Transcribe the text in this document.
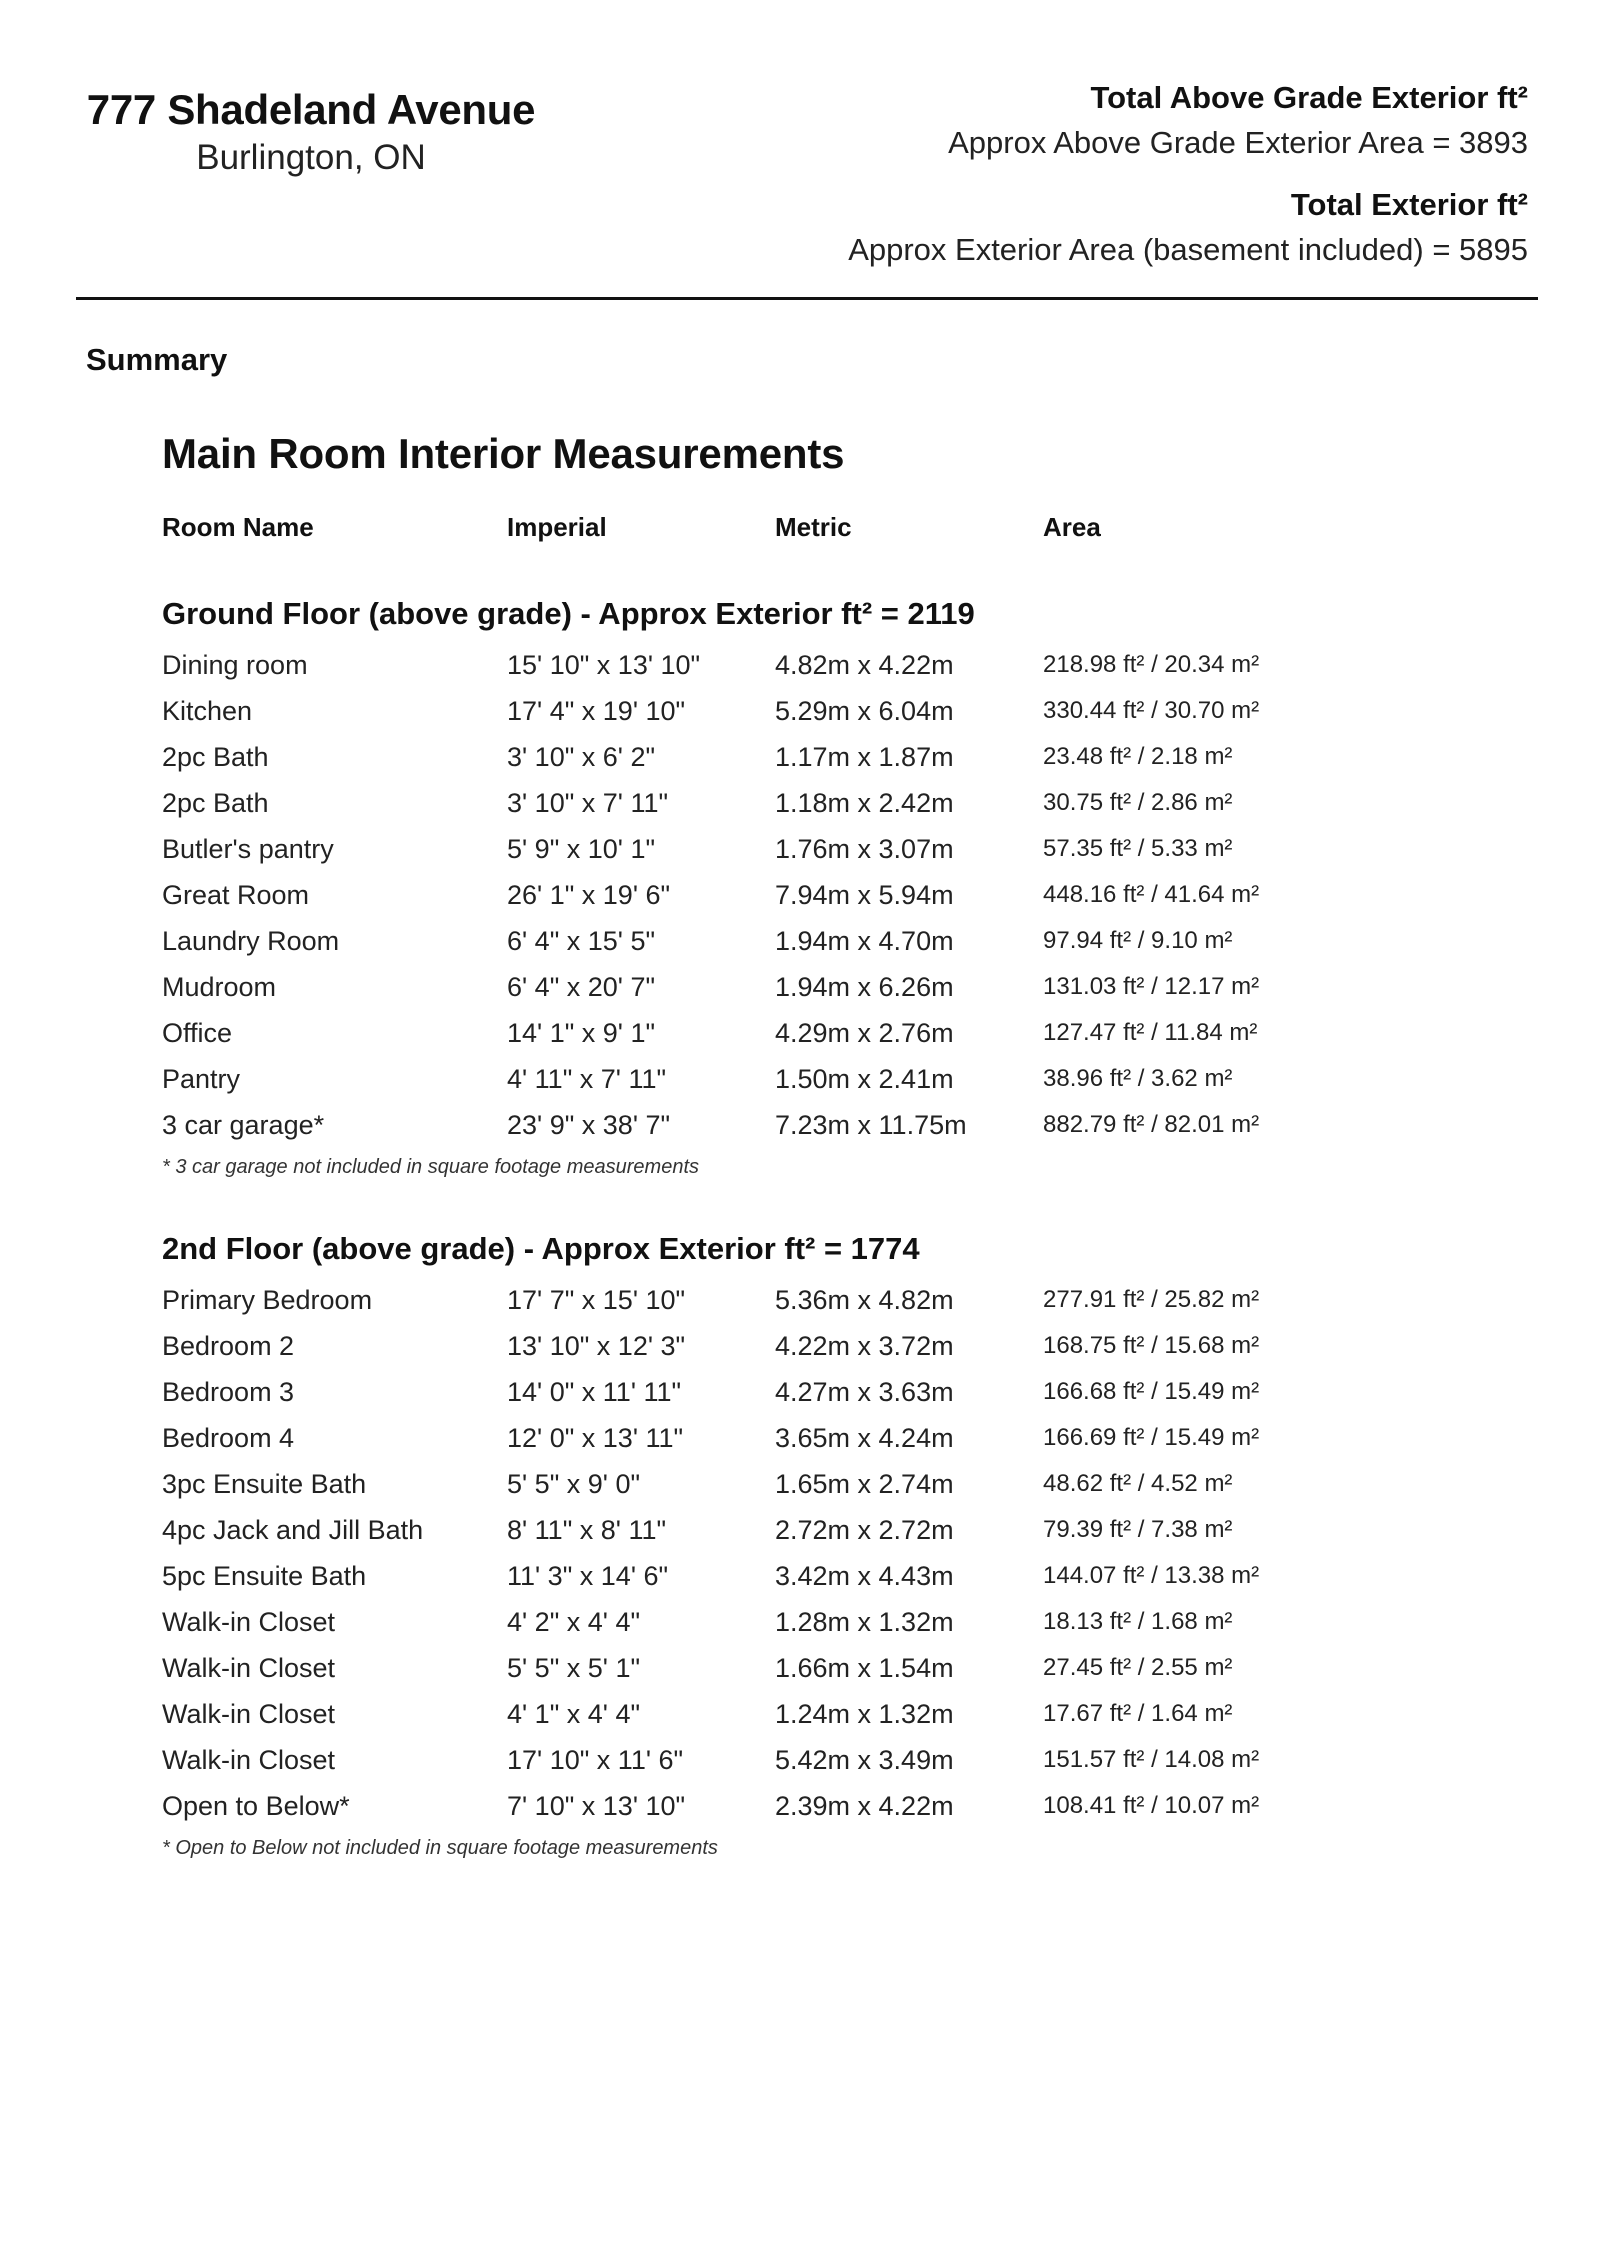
777 Shadeland Avenue
Burlington, ON
Total Above Grade Exterior ft²
Approx Above Grade Exterior Area = 3893
Total Exterior ft²
Approx Exterior Area (basement included) = 5895
Summary
Main Room Interior Measurements
Room Name	Imperial	Metric	Area
Ground Floor (above grade) - Approx Exterior ft² = 2119
Dining room	15' 10" x 13' 10"	4.82m x 4.22m	218.98 ft² / 20.34 m²
Kitchen	17' 4" x 19' 10"	5.29m x 6.04m	330.44 ft² / 30.70 m²
2pc Bath	3' 10" x 6' 2"	1.17m x 1.87m	23.48 ft² / 2.18 m²
2pc Bath	3' 10" x 7' 11"	1.18m x 2.42m	30.75 ft² / 2.86 m²
Butler's pantry	5' 9" x 10' 1"	1.76m x 3.07m	57.35 ft² / 5.33 m²
Great Room	26' 1" x 19' 6"	7.94m x 5.94m	448.16 ft² / 41.64 m²
Laundry Room	6' 4" x 15' 5"	1.94m x 4.70m	97.94 ft² / 9.10 m²
Mudroom	6' 4" x 20' 7"	1.94m x 6.26m	131.03 ft² / 12.17 m²
Office	14' 1" x 9' 1"	4.29m x 2.76m	127.47 ft² / 11.84 m²
Pantry	4' 11" x 7' 11"	1.50m x 2.41m	38.96 ft² / 3.62 m²
3 car garage*	23' 9" x 38' 7"	7.23m x 11.75m	882.79 ft² / 82.01 m²
* 3 car garage not included in square footage measurements
2nd Floor (above grade) - Approx Exterior ft² = 1774
Primary Bedroom	17' 7" x 15' 10"	5.36m x 4.82m	277.91 ft² / 25.82 m²
Bedroom 2	13' 10" x 12' 3"	4.22m x 3.72m	168.75 ft² / 15.68 m²
Bedroom 3	14' 0" x 11' 11"	4.27m x 3.63m	166.68 ft² / 15.49 m²
Bedroom 4	12' 0" x 13' 11"	3.65m x 4.24m	166.69 ft² / 15.49 m²
3pc Ensuite Bath	5' 5" x 9' 0"	1.65m x 2.74m	48.62 ft² / 4.52 m²
4pc Jack and Jill Bath	8' 11" x 8' 11"	2.72m x 2.72m	79.39 ft² / 7.38 m²
5pc Ensuite Bath	11' 3" x 14' 6"	3.42m x 4.43m	144.07 ft² / 13.38 m²
Walk-in Closet	4' 2" x 4' 4"	1.28m x 1.32m	18.13 ft² / 1.68 m²
Walk-in Closet	5' 5" x 5' 1"	1.66m x 1.54m	27.45 ft² / 2.55 m²
Walk-in Closet	4' 1" x 4' 4"	1.24m x 1.32m	17.67 ft² / 1.64 m²
Walk-in Closet	17' 10" x 11' 6"	5.42m x 3.49m	151.57 ft² / 14.08 m²
Open to Below*	7' 10" x 13' 10"	2.39m x 4.22m	108.41 ft² / 10.07 m²
* Open to Below not included in square footage measurements
